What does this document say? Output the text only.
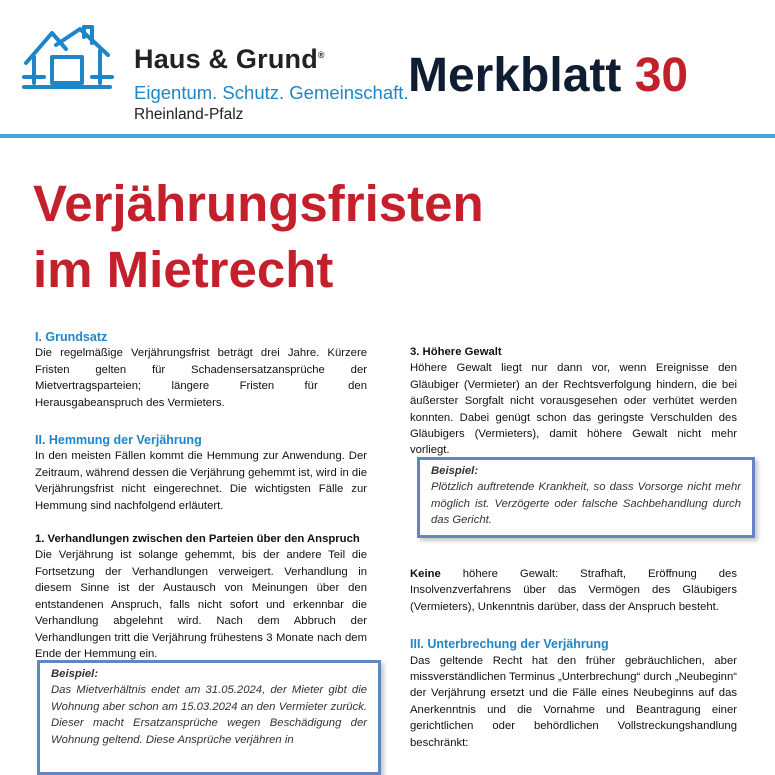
Haus & Grund®
Eigentum. Schutz. Gemeinschaft.
Rheinland-Pfalz
Merkblatt 30
Verjährungsfristen
im Mietrecht

I. Grundsatz

Die regelmäßige Verjährungsfrist beträgt drei Jahre. Kürzere Fristen gelten für Schadensersatzansprüche der Mietvertragsparteien; längere Fristen für den Herausgabeanspruch des Vermieters.

II. Hemmung der Verjährung

In den meisten Fällen kommt die Hemmung zur Anwendung. Der Zeitraum, während dessen die Verjährung gehemmt ist, wird in die Verjährungsfrist nicht eingerechnet. Die wichtigsten Fälle zur Hemmung sind nachfolgend erläutert.

1. Verhandlungen zwischen den Parteien über den Anspruch

Die Verjährung ist solange gehemmt, bis der andere Teil die Fortsetzung der Verhandlungen verweigert. Verhandlung in diesem Sinne ist der Austausch von Meinungen über den entstandenen Anspruch, falls nicht sofort und erkennbar die Verhandlung abgelehnt wird. Nach dem Abbruch der Verhandlungen tritt die Verjährung frühestens 3 Monate nach dem Ende der Hemmung ein.

Beispiel:
Das Mietverhältnis endet am 31.05.2024, der Mieter gibt die Wohnung aber schon am 15.03.2024 an den Vermieter zurück. Dieser macht Ersatzansprüche wegen Beschädigung der Wohnung geltend. Diese Ansprüche verjähren in

3. Höhere Gewalt

Höhere Gewalt liegt nur dann vor, wenn Ereignisse den Gläubiger (Vermieter) an der Rechtsverfolgung hindern, die bei äußerster Sorgfalt nicht vorausgesehen oder verhütet werden konnten. Dabei genügt schon das geringste Verschulden des Gläubigers (Vermieters), damit höhere Gewalt nicht mehr vorliegt.

Beispiel:
Plötzlich auftretende Krankheit, so dass Vorsorge nicht mehr möglich ist. Verzögerte oder falsche Sachbehandlung durch das Gericht.

Keine höhere Gewalt: Strafhaft, Eröffnung des Insolvenzverfahrens über das Vermögen des Gläubigers (Vermieters), Unkenntnis darüber, dass der Anspruch besteht.

III. Unterbrechung der Verjährung

Das geltende Recht hat den früher gebräuchlichen, aber missverständlichen Terminus „Unterbrechung“ durch „Neubeginn“ der Verjährung ersetzt und die Fälle eines Neubeginns auf das Anerkenntnis und die Vornahme und Beantragung einer gerichtlichen oder behördlichen Vollstreckungshandlung beschränkt:
